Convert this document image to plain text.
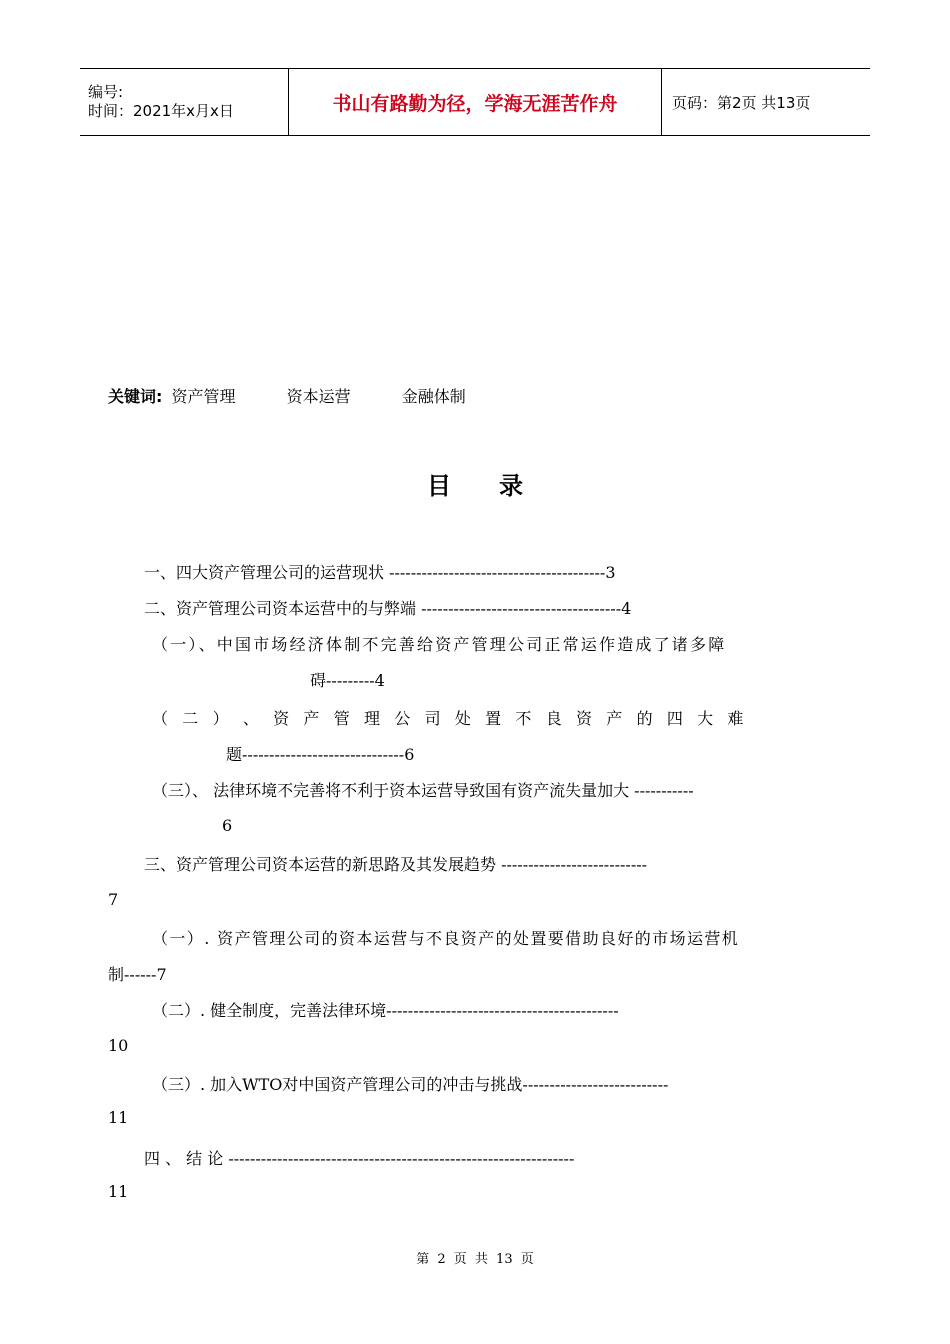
编号:
时间：2021年x月x日	书山有路勤为径，学海无涯苦作舟	页码：第2页 共13页
关键词: 资产管理	资本运营	金融体制
目录
一、四大资产管理公司的运营现状 ----------------------------------------3
二、资产管理公司资本运营中的与弊端 -------------------------------------4
（一）、中国市场经济体制不完善给资产管理公司正常运作造成了诸多障
碍---------4
（ 二 ） 、 资 产 管 理 公 司 处 置 不 良 资 产 的 四 大 难
题------------------------------6
（三）、 法律环境不完善将不利于资本运营导致国有资产流失量加大 -----------
6
三、资产管理公司资本运营的新思路及其发展趋势 ---------------------------
7
（一）. 资产管理公司的资本运营与不良资产的处置要借助良好的市场运营机
制------7
（二）. 健全制度，完善法律环境-------------------------------------------
10
（三）. 加入WTO对中国资产管理公司的冲击与挑战---------------------------
11
四 、 结 论 ----------------------------------------------------------------
11
第 2 页 共 13 页
